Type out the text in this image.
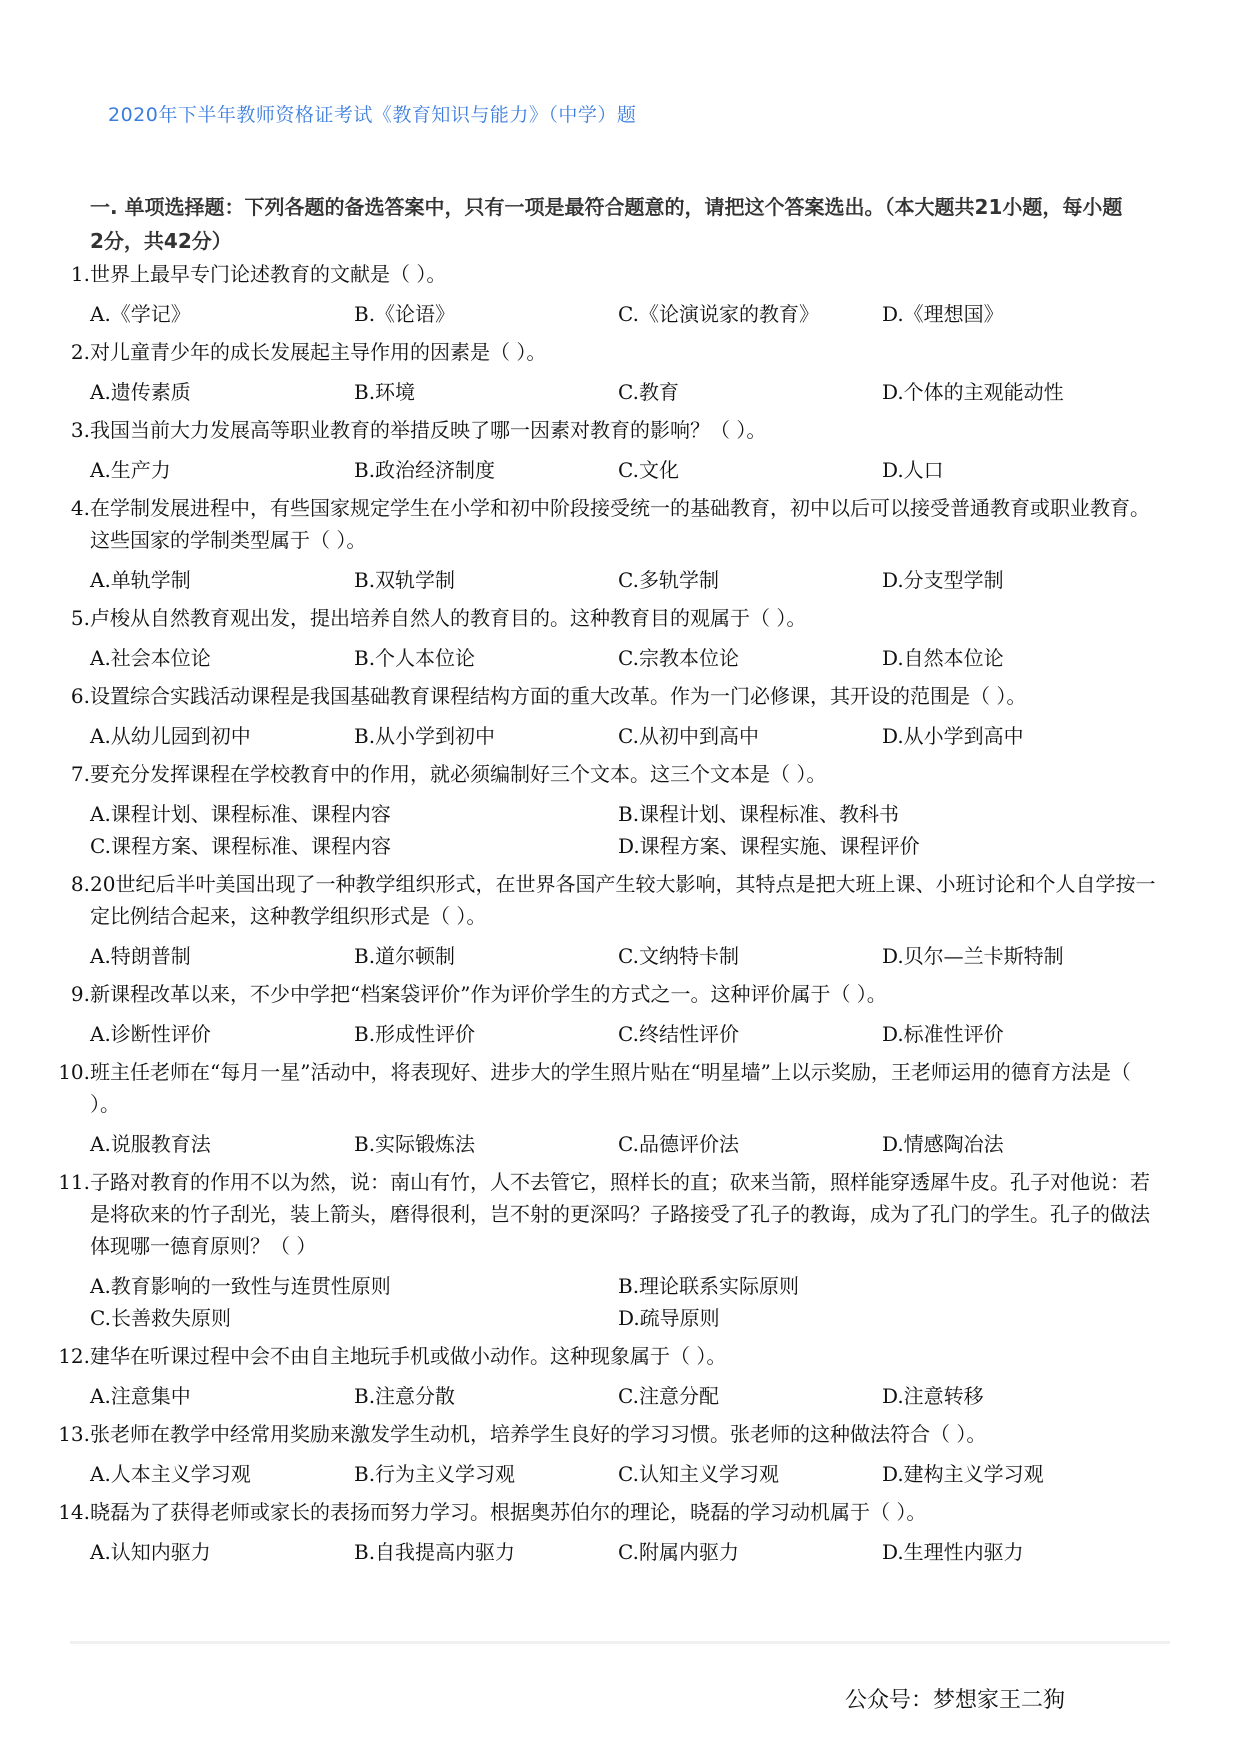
2020年下半年教师资格证考试《教育知识与能力》（中学）题
一. 单项选择题：下列各题的备选答案中，只有一项是最符合题意的，请把这个答案选出。（本大题共21小题，每小题2分，共42分）
1.世界上最早专门论述教育的文献是（ ）。
A.《学记》	B.《论语》	C.《论演说家的教育》	D.《理想国》
2.对儿童青少年的成长发展起主导作用的因素是（ ）。
A.遗传素质	B.环境	C.教育	D.个体的主观能动性
3.我国当前大力发展高等职业教育的举措反映了哪一因素对教育的影响？（ ）。
A.生产力	B.政治经济制度	C.文化	D.人口
4.在学制发展进程中，有些国家规定学生在小学和初中阶段接受统一的基础教育，初中以后可以接受普通教育或职业教育。这些国家的学制类型属于（ ）。
A.单轨学制	B.双轨学制	C.多轨学制	D.分支型学制
5.卢梭从自然教育观出发，提出培养自然人的教育目的。这种教育目的观属于（ ）。
A.社会本位论	B.个人本位论	C.宗教本位论	D.自然本位论
6.设置综合实践活动课程是我国基础教育课程结构方面的重大改革。作为一门必修课，其开设的范围是（ ）。
A.从幼儿园到初中	B.从小学到初中	C.从初中到高中	D.从小学到高中
7.要充分发挥课程在学校教育中的作用，就必须编制好三个文本。这三个文本是（ ）。
A.课程计划、课程标准、课程内容	B.课程计划、课程标准、教科书
C.课程方案、课程标准、课程内容	D.课程方案、课程实施、课程评价
8.20世纪后半叶美国出现了一种教学组织形式，在世界各国产生较大影响，其特点是把大班上课、小班讨论和个人自学按一定比例结合起来，这种教学组织形式是（ ）。
A.特朗普制	B.道尔顿制	C.文纳特卡制	D.贝尔—兰卡斯特制
9.新课程改革以来，不少中学把“档案袋评价”作为评价学生的方式之一。这种评价属于（ ）。
A.诊断性评价	B.形成性评价	C.终结性评价	D.标准性评价
10.班主任老师在“每月一星”活动中，将表现好、进步大的学生照片贴在“明星墙”上以示奖励，王老师运用的德育方法是（ ）。
A.说服教育法	B.实际锻炼法	C.品德评价法	D.情感陶冶法
11.子路对教育的作用不以为然，说：南山有竹，人不去管它，照样长的直；砍来当箭，照样能穿透犀牛皮。孔子对他说：若是将砍来的竹子刮光，装上箭头，磨得很利，岂不射的更深吗？子路接受了孔子的教诲，成为了孔门的学生。孔子的做法体现哪一德育原则？（ ）
A.教育影响的一致性与连贯性原则	B.理论联系实际原则
C.长善救失原则	D.疏导原则
12.建华在听课过程中会不由自主地玩手机或做小动作。这种现象属于（ ）。
A.注意集中	B.注意分散	C.注意分配	D.注意转移
13.张老师在教学中经常用奖励来激发学生动机，培养学生良好的学习习惯。张老师的这种做法符合（ ）。
A.人本主义学习观	B.行为主义学习观	C.认知主义学习观	D.建构主义学习观
14.晓磊为了获得老师或家长的表扬而努力学习。根据奥苏伯尔的理论，晓磊的学习动机属于（ ）。
A.认知内驱力	B.自我提高内驱力	C.附属内驱力	D.生理性内驱力
公众号：梦想家王二狗
